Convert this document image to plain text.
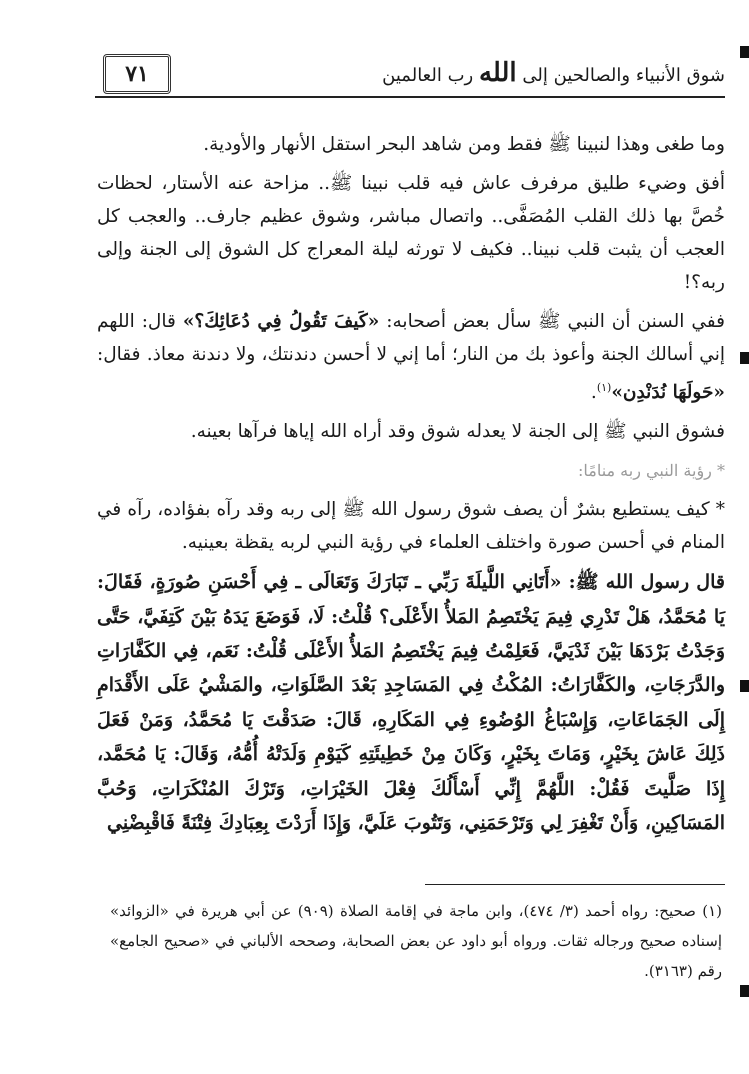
٧١	شوق الأنبياء والصالحين إلى الله رب العالمين

وما طغى وهذا لنبينا ﷺ فقط ومن شاهد البحر استقل الأنهار والأودية.

أفق وضيء طليق مرفرف عاش فيه قلب نبينا ﷺ.. مزاحة عنه الأستار، لحظات خُصَّ بها ذلك القلب المُصَفَّى.. واتصال مباشر، وشوق عظيم جارف.. والعجب كل العجب أن يثبت قلب نبينا.. فكيف لا تورثه ليلة المعراج كل الشوق إلى الجنة وإلى ربه؟!

ففي السنن أن النبي ﷺ سأل بعض أصحابه: «كَيفَ تَقُولُ فِي دُعَائِكَ؟» قال: اللهم إني أسالك الجنة وأعوذ بك من النار؛ أما إني لا أحسن دندنتك، ولا دندنة معاذ. فقال: «حَولَهَا نُدَنْدِن»$^{(١)}$.

فشوق النبي ﷺ إلى الجنة لا يعدله شوق وقد أراه الله إياها فرآها بعينه.

* رؤية النبي ربه منامًا:

* كيف يستطيع بشرٌ أن يصف شوق رسول الله ﷺ إلى ربه وقد رآه بفؤاده، رآه في المنام في أحسن صورة واختلف العلماء في رؤية النبي لربه يقظة بعينيه.

قال رسول الله ﷺ: «أَتَانِي اللَّيلَةَ رَبِّي ـ تَبَارَكَ وَتَعَالَى ـ فِي أَحْسَنِ صُورَةٍ، فَقَالَ: يَا مُحَمَّدُ، هَلْ تَدْرِي فِيمَ يَخْتَصِمُ المَلأُ الأَعْلَى؟ قُلْتُ: لَا، فَوَضَعَ يَدَهُ بَيْنَ كَتِفَيَّ، حَتَّى وَجَدْتُ بَرْدَهَا بَيْنَ ثَدْيَيَّ، فَعَلِمْتُ فِيمَ يَخْتَصِمُ المَلأُ الأَعْلَى قُلْتُ: نَعَم، فِي الكَفَّارَاتِ والدَّرَجَاتِ، والكَفَّارَاتُ: المُكْثُ فِي المَسَاجِدِ بَعْدَ الصَّلَوَاتِ، والمَشْيُ عَلَى الأَقْدَامِ إِلَى الجَمَاعَاتِ، وَإِسْبَاغُ الوُضُوءِ فِي المَكَارِهِ، قَالَ: صَدَقْتَ يَا مُحَمَّدُ، وَمَنْ فَعَلَ ذَلِكَ عَاشَ بِخَيْرٍ، وَمَاتَ بِخَيْرٍ، وَكَانَ مِنْ خَطِيئَتِهِ كَيَوْمِ وَلَدَتْهُ أُمُّهُ، وَقَالَ: يَا مُحَمَّد، إِذَا صَلَّيتَ فَقُلْ: اللَّهُمَّ إِنِّي أَسْأَلُكَ فِعْلَ الخَيْرَاتِ، وَتَرْكَ المُنْكَرَاتِ، وَحُبَّ المَسَاكِينِ، وَأَنْ تَغْفِرَ لِي وَتَرْحَمَنِي، وَتَتُوبَ عَلَيَّ، وَإِذَا أَرَدْتَ بِعِبَادِكَ فِتْنَةً فَاقْبِضْنِي

(١) صحيح: رواه أحمد (٣/ ٤٧٤)، وابن ماجة في إقامة الصلاة (٩٠٩) عن أبي هريرة في «الزوائد» إسناده صحيح ورجاله ثقات. ورواه أبو داود عن بعض الصحابة، وصححه الألباني في «صحيح الجامع» رقم (٣١٦٣).
